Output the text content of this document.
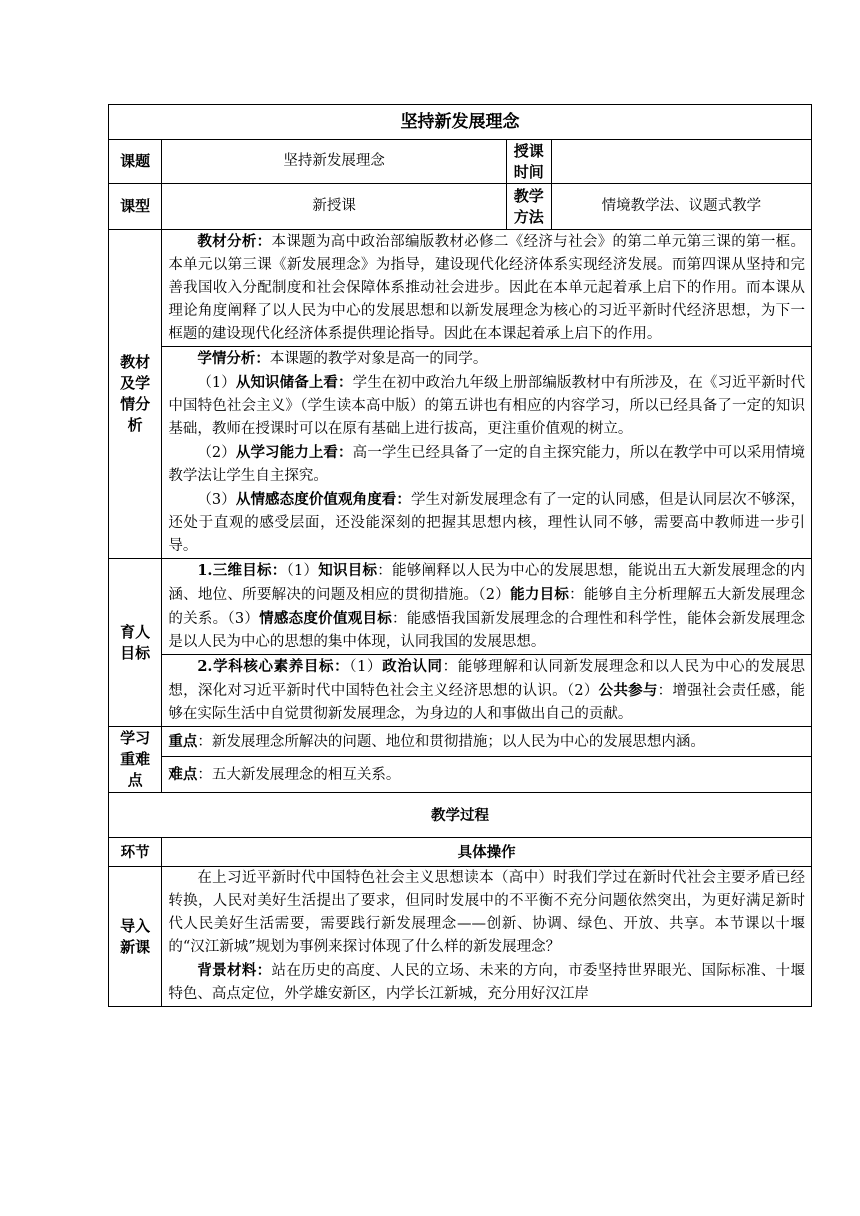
坚持新发展理念			
课题	坚持新发展理念	授课时间	
课型	新授课	教学方法	情境教学法、议题式教学
教材及学情分析	教材分析：本课题为高中政治部编版教材必修二《经济与社会》的第二单元第三课的第一框。本单元以第三课《新发展理念》为指导，建设现代化经济体系实现经济发展。而第四课从坚持和完善我国收入分配制度和社会保障体系推动社会进步。因此在本单元起着承上启下的作用。而本课从理论角度阐释了以人民为中心的发展思想和以新发展理念为核心的习近平新时代经济思想，为下一框题的建设现代化经济体系提供理论指导。因此在本课起着承上启下的作用。		

	学情分析：本课题的教学对象是高一的同学。

（1）从知识储备上看：学生在初中政治九年级上册部编版教材中有所涉及，在《习近平新时代中国特色社会主义》（学生读本高中版）的第五讲也有相应的内容学习，所以已经具备了一定的知识基础，教师在授课时可以在原有基础上进行拔高，更注重价值观的树立。

（2）从学习能力上看：高一学生已经具备了一定的自主探究能力，所以在教学中可以采用情境教学法让学生自主探究。

（3）从情感态度价值观角度看：学生对新发展理念有了一定的认同感，但是认同层次不够深，还处于直观的感受层面，还没能深刻的把握其思想内核，理性认同不够，需要高中教师进一步引导。		

育人目标	1.三维目标：（1）知识目标：能够阐释以人民为中心的发展思想，能说出五大新发展理念的内涵、地位、所要解决的问题及相应的贯彻措施。（2）能力目标：能够自主分析理解五大新发展理念的关系。（3）情感态度价值观目标：能感悟我国新发展理念的合理性和科学性，能体会新发展理念是以人民为中心的思想的集中体现，认同我国的发展思想。		

	2.学科核心素养目标：（1）政治认同：能够理解和认同新发展理念和以人民为中心的发展思想，深化对习近平新时代中国特色社会主义经济思想的认识。（2）公共参与：增强社会责任感，能够在实际生活中自觉贯彻新发展理念，为身边的人和事做出自己的贡献。		

学习重难点	重点：新发展理念所解决的问题、地位和贯彻措施；以人民为中心的发展思想内涵。		

	难点：五大新发展理念的相互关系。		

教学过程			
环节	具体操作		
导入新课	在上习近平新时代中国特色社会主义思想读本（高中）时我们学过在新时代社会主要矛盾已经转换，人民对美好生活提出了要求，但同时发展中的不平衡不充分问题依然突出，为更好满足新时代人民美好生活需要，需要践行新发展理念——创新、协调、绿色、开放、共享。本节课以十堰的“汉江新城”规划为事例来探讨体现了什么样的新发展理念？

背景材料：站在历史的高度、人民的立场、未来的方向，市委坚持世界眼光、国际标准、十堰特色、高点定位，外学雄安新区，内学长江新城，充分用好汉江岸		
